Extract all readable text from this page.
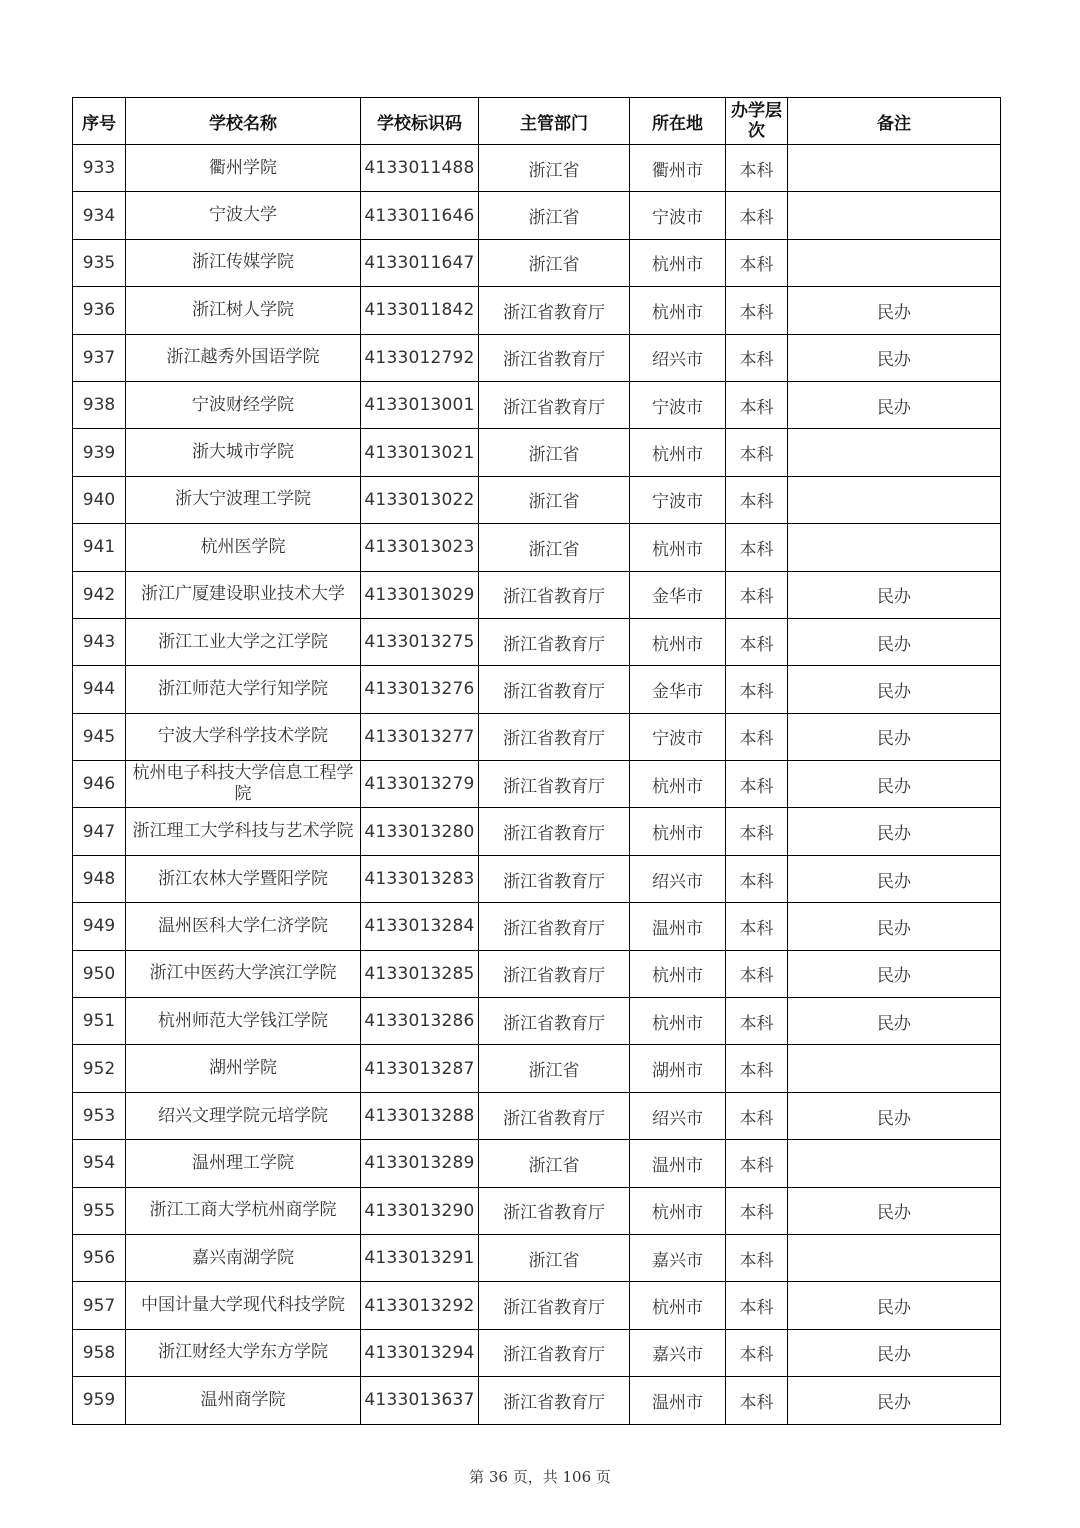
序号	学校名称	学校标识码	主管部门	所在地	办学层次	备注
933	衢州学院	4133011488	浙江省	衢州市	本科	
934	宁波大学	4133011646	浙江省	宁波市	本科	
935	浙江传媒学院	4133011647	浙江省	杭州市	本科	
936	浙江树人学院	4133011842	浙江省教育厅	杭州市	本科	民办
937	浙江越秀外国语学院	4133012792	浙江省教育厅	绍兴市	本科	民办
938	宁波财经学院	4133013001	浙江省教育厅	宁波市	本科	民办
939	浙大城市学院	4133013021	浙江省	杭州市	本科	
940	浙大宁波理工学院	4133013022	浙江省	宁波市	本科	
941	杭州医学院	4133013023	浙江省	杭州市	本科	
942	浙江广厦建设职业技术大学	4133013029	浙江省教育厅	金华市	本科	民办
943	浙江工业大学之江学院	4133013275	浙江省教育厅	杭州市	本科	民办
944	浙江师范大学行知学院	4133013276	浙江省教育厅	金华市	本科	民办
945	宁波大学科学技术学院	4133013277	浙江省教育厅	宁波市	本科	民办
946	杭州电子科技大学信息工程学院	4133013279	浙江省教育厅	杭州市	本科	民办
947	浙江理工大学科技与艺术学院	4133013280	浙江省教育厅	杭州市	本科	民办
948	浙江农林大学暨阳学院	4133013283	浙江省教育厅	绍兴市	本科	民办
949	温州医科大学仁济学院	4133013284	浙江省教育厅	温州市	本科	民办
950	浙江中医药大学滨江学院	4133013285	浙江省教育厅	杭州市	本科	民办
951	杭州师范大学钱江学院	4133013286	浙江省教育厅	杭州市	本科	民办
952	湖州学院	4133013287	浙江省	湖州市	本科	
953	绍兴文理学院元培学院	4133013288	浙江省教育厅	绍兴市	本科	民办
954	温州理工学院	4133013289	浙江省	温州市	本科	
955	浙江工商大学杭州商学院	4133013290	浙江省教育厅	杭州市	本科	民办
956	嘉兴南湖学院	4133013291	浙江省	嘉兴市	本科	
957	中国计量大学现代科技学院	4133013292	浙江省教育厅	杭州市	本科	民办
958	浙江财经大学东方学院	4133013294	浙江省教育厅	嘉兴市	本科	民办
959	温州商学院	4133013637	浙江省教育厅	温州市	本科	民办
第 36 页，共 106 页
